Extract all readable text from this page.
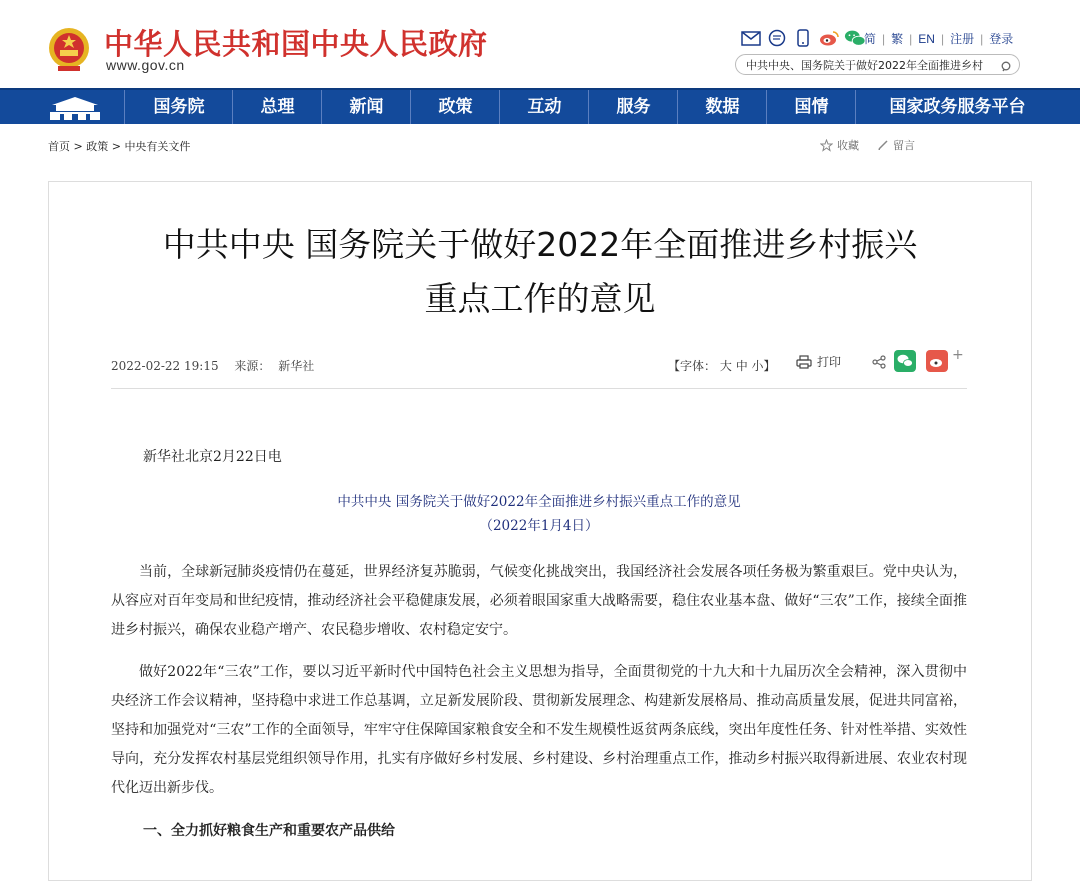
中华人民共和国中央人民政府
www.gov.cn
简 | 繁 | EN | 注册 | 登录
中共中央、国务院关于做好2022年全面推进乡村
国务院	总理	新闻	政策	互动	服务	数据	国情	国家政务服务平台
首页 > 政策 > 中央有关文件	收藏	留言
中共中央 国务院关于做好2022年全面推进乡村振兴
重点工作的意见
2022-02-22 19:15 来源： 新华社	【字体： 大 中 小】	打印	+
新华社北京2月22日电
中共中央 国务院关于做好2022年全面推进乡村振兴重点工作的意见
（2022年1月4日）

当前，全球新冠肺炎疫情仍在蔓延，世界经济复苏脆弱，气候变化挑战突出，我国经济社会发展各项任务极为繁重艰巨。党中央认为，从容应对百年变局和世纪疫情，推动经济社会平稳健康发展，必须着眼国家重大战略需要，稳住农业基本盘、做好“三农”工作，接续全面推进乡村振兴，确保农业稳产增产、农民稳步增收、农村稳定安宁。

做好2022年“三农”工作，要以习近平新时代中国特色社会主义思想为指导，全面贯彻党的十九大和十九届历次全会精神，深入贯彻中央经济工作会议精神，坚持稳中求进工作总基调，立足新发展阶段、贯彻新发展理念、构建新发展格局、推动高质量发展，促进共同富裕，坚持和加强党对“三农”工作的全面领导，牢牢守住保障国家粮食安全和不发生规模性返贫两条底线，突出年度性任务、针对性举措、实效性导向，充分发挥农村基层党组织领导作用，扎实有序做好乡村发展、乡村建设、乡村治理重点工作，推动乡村振兴取得新进展、农业农村现代化迈出新步伐。

一、全力抓好粮食生产和重要农产品供给
